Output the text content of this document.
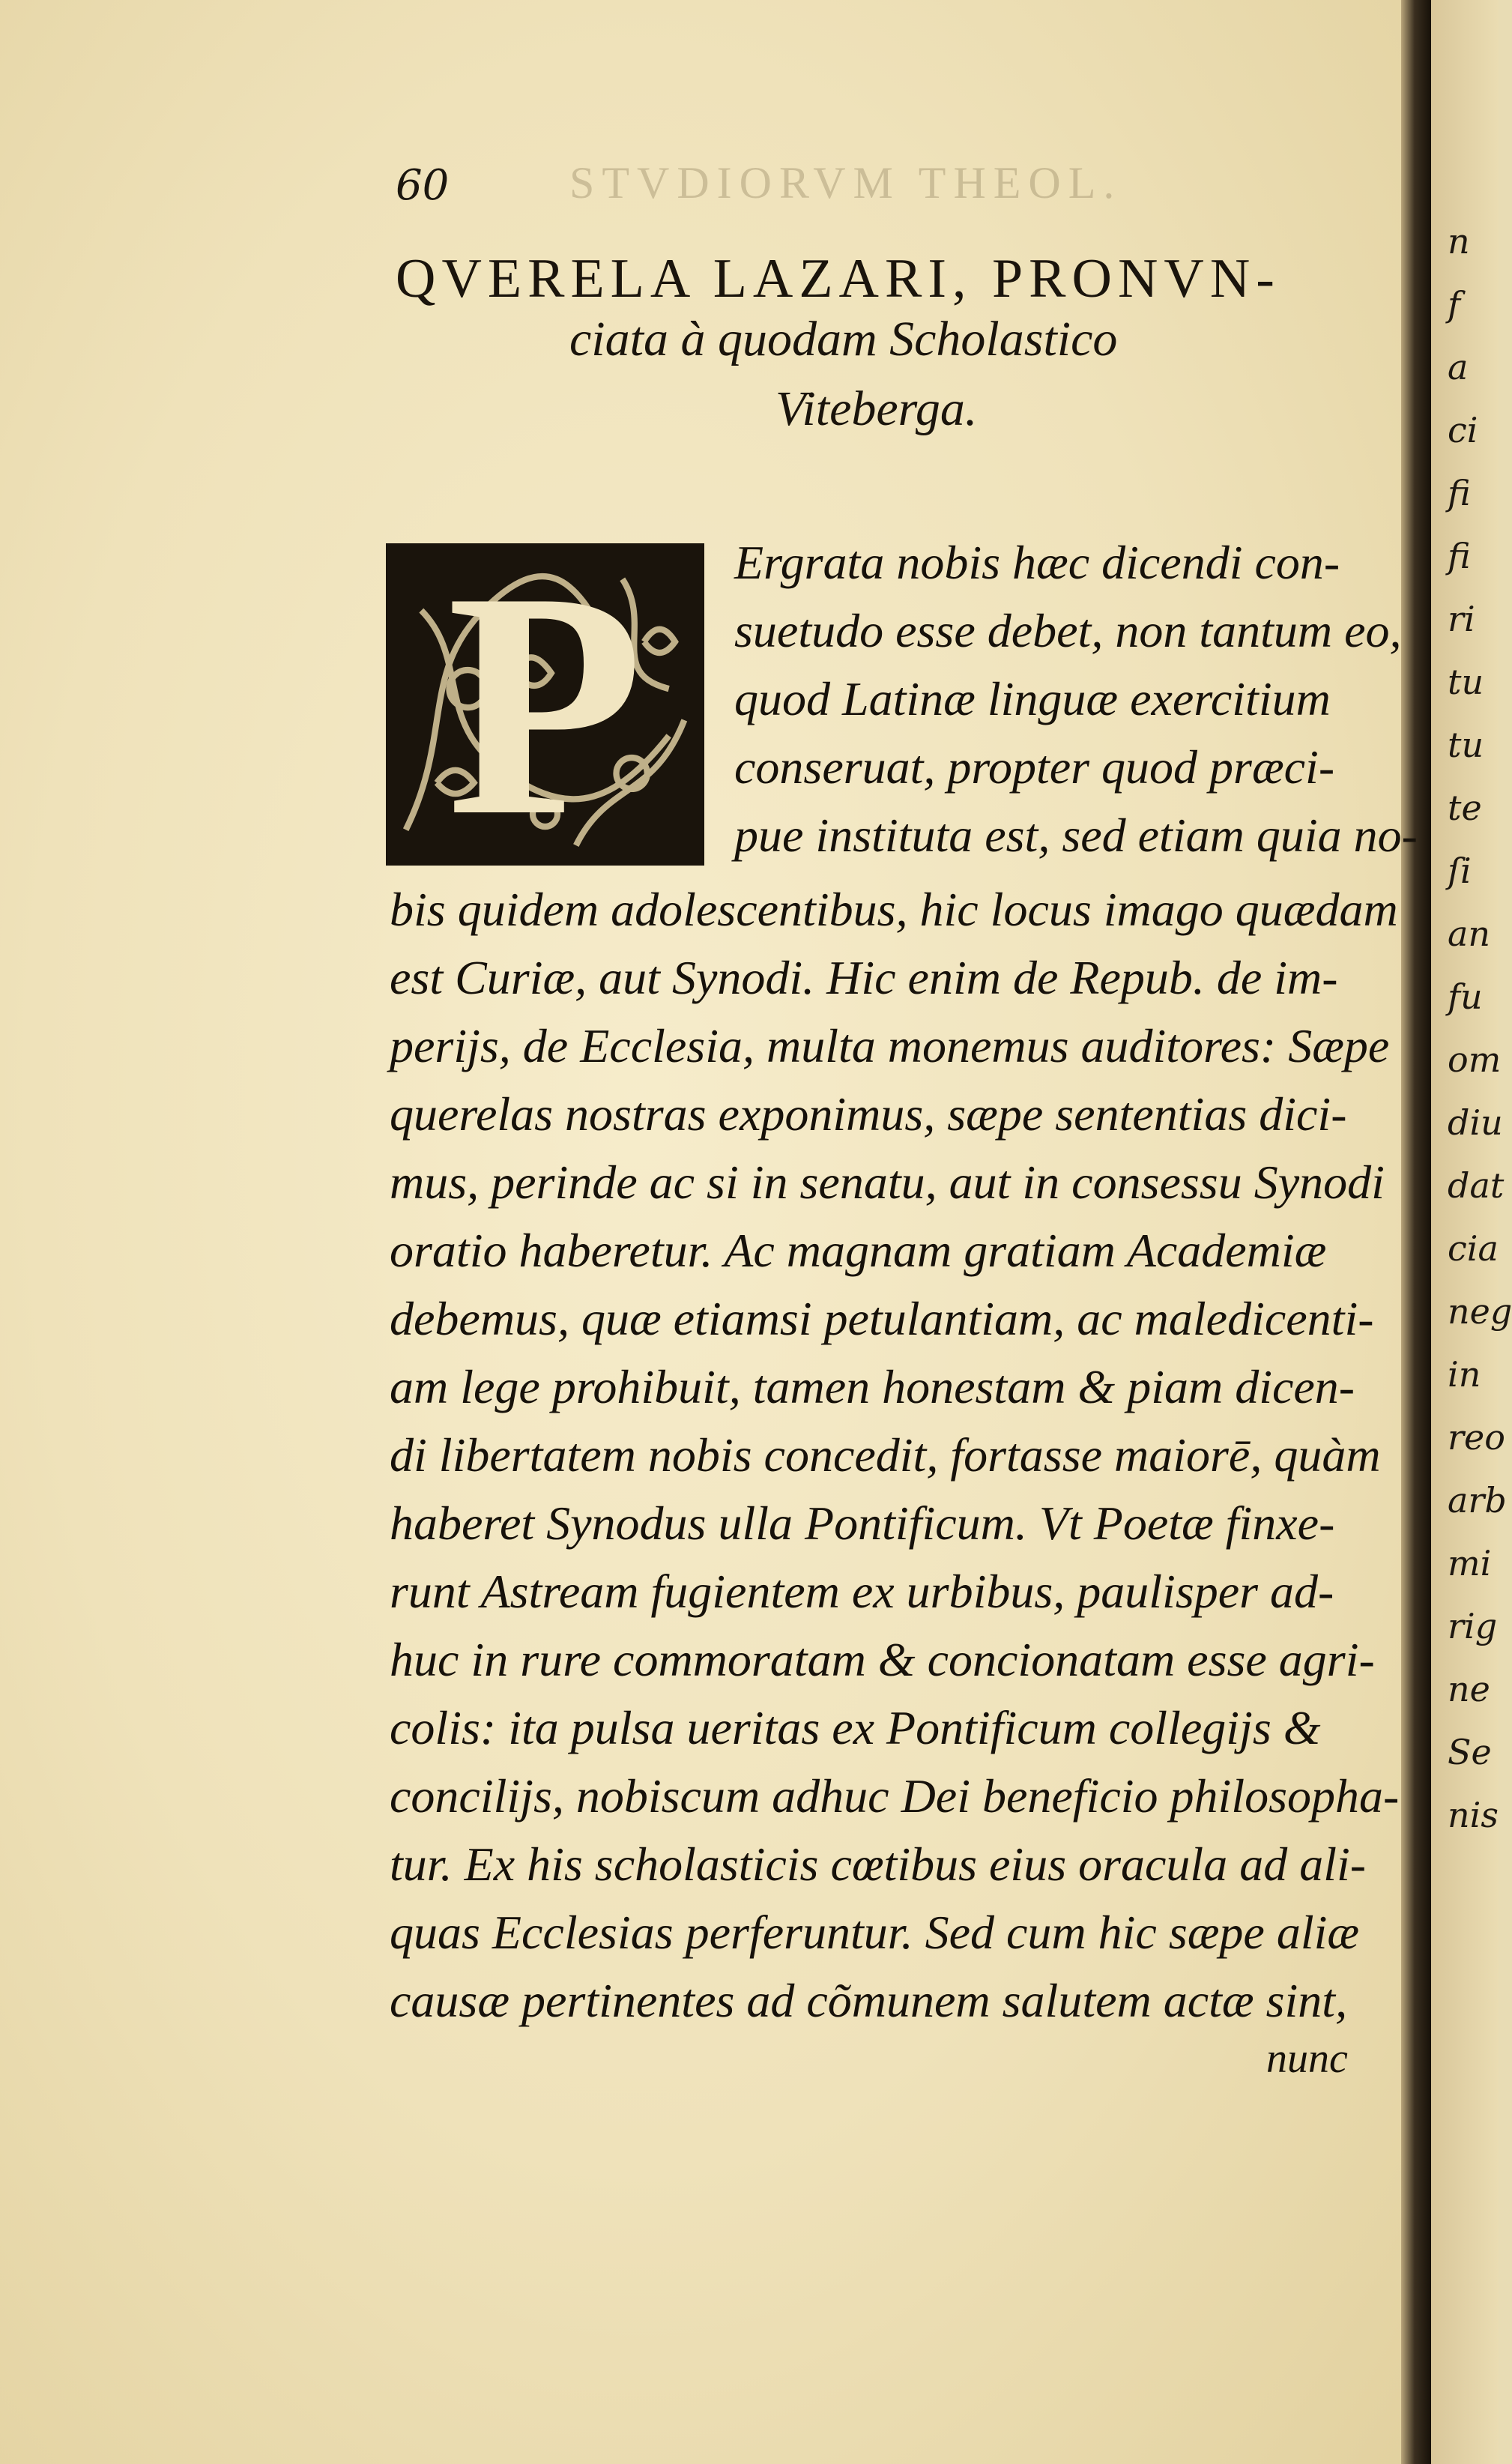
STVDIORVM THEOL.
n
f
a
ci
fi
fi
ri
tu
tu
te
ſi
an
fu
om
diu
dat
cia
neg
in
reo
arb
mi
rig
ne
Se
nis
60
QVERELA LAZARI, PRONVN-
ciata à quodam Scholastico
Viteberga.
P	Ergrata nobis hæc dicendi con-
suetudo esse debet, non tantum eo,
quod Latinæ linguæ exercitium
conseruat, propter quod præci-
pue instituta est, sed etiam quia no-
bis quidem adolescentibus, hic locus imago quædam
est Curiæ, aut Synodi. Hic enim de Repub. de im-
perijs, de Ecclesia, multa monemus auditores: Sæpe
querelas nostras exponimus, sæpe sententias dici-
mus, perinde ac si in senatu, aut in consessu Synodi
oratio haberetur. Ac magnam gratiam Academiæ
debemus, quæ etiamsi petulantiam, ac maledicenti-
am lege prohibuit, tamen honestam & piam dicen-
di libertatem nobis concedit, fortasse maiorē, quàm
haberet Synodus ulla Pontificum. Vt Poetæ finxe-
runt Astream fugientem ex urbibus, paulisper ad-
huc in rure commoratam & concionatam esse agri-
colis: ita pulsa ueritas ex Pontificum collegijs &
concilijs, nobiscum adhuc Dei beneficio philosopha-
tur. Ex his scholasticis cœtibus eius oracula ad ali-
quas Ecclesias perferuntur. Sed cum hic sæpe aliæ
causæ pertinentes ad cõmunem salutem actæ sint,
nunc
